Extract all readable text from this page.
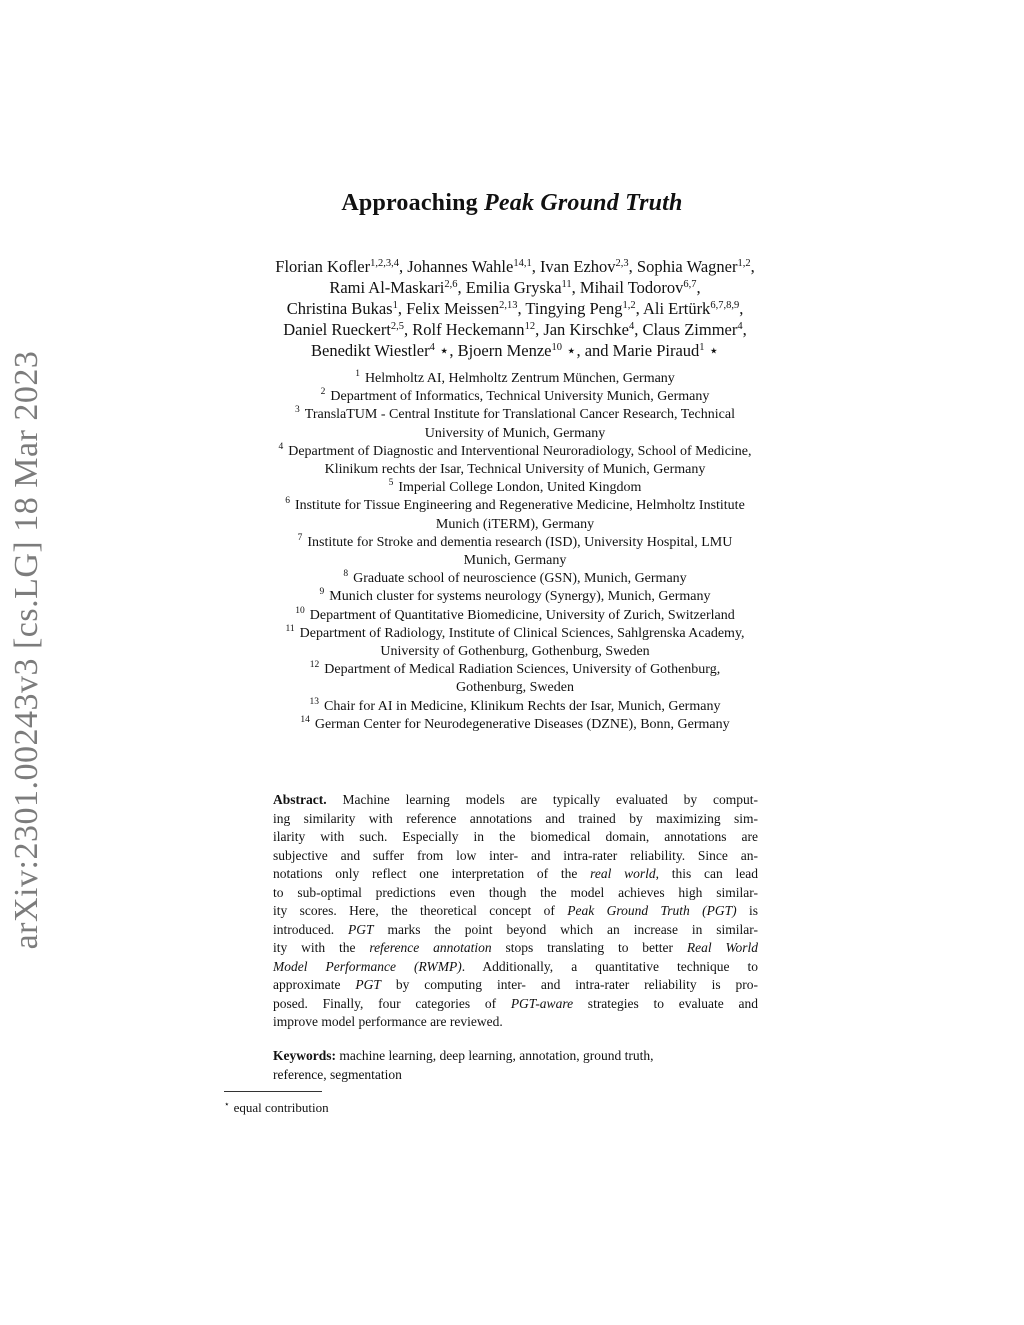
arXiv:2301.00243v3 [cs.LG] 18 Mar 2023
Approaching Peak Ground Truth
Florian Kofler$^{1,2,3,4}$, Johannes Wahle$^{14,1}$, Ivan Ezhov$^{2,3}$, Sophia Wagner$^{1,2}$,
Rami Al-Maskari$^{2,6}$, Emilia Gryska$^{11}$, Mihail Todorov$^{6,7}$,
Christina Bukas$^1$, Felix Meissen$^{2,13}$, Tingying Peng$^{1,2}$, Ali Ertürk$^{6,7,8,9}$,
Daniel Rueckert$^{2,5}$, Rolf Heckemann$^{12}$, Jan Kirschke$^4$, Claus Zimmer$^4$,
Benedikt Wiestler$^4$ ⋆, Bjoern Menze$^{10}$ ⋆, and Marie Piraud$^1$ ⋆
$^1$ Helmholtz AI, Helmholtz Zentrum München, Germany
$^2$ Department of Informatics, Technical University Munich, Germany
$^3$ TranslaTUM - Central Institute for Translational Cancer Research, Technical
University of Munich, Germany
$^4$ Department of Diagnostic and Interventional Neuroradiology, School of Medicine,
Klinikum rechts der Isar, Technical University of Munich, Germany
$^5$ Imperial College London, United Kingdom
$^6$ Institute for Tissue Engineering and Regenerative Medicine, Helmholtz Institute
Munich (iTERM), Germany
$^7$ Institute for Stroke and dementia research (ISD), University Hospital, LMU
Munich, Germany
$^8$ Graduate school of neuroscience (GSN), Munich, Germany
$^9$ Munich cluster for systems neurology (Synergy), Munich, Germany
$^{10}$ Department of Quantitative Biomedicine, University of Zurich, Switzerland
$^{11}$ Department of Radiology, Institute of Clinical Sciences, Sahlgrenska Academy,
University of Gothenburg, Gothenburg, Sweden
$^{12}$ Department of Medical Radiation Sciences, University of Gothenburg,
Gothenburg, Sweden
$^{13}$ Chair for AI in Medicine, Klinikum Rechts der Isar, Munich, Germany
$^{14}$ German Center for Neurodegenerative Diseases (DZNE), Bonn, Germany
Abstract. Machine learning models are typically evaluated by comput-
ing similarity with reference annotations and trained by maximizing sim-
ilarity with such. Especially in the biomedical domain, annotations are
subjective and suffer from low inter- and intra-rater reliability. Since an-
notations only reflect one interpretation of the real world, this can lead
to sub-optimal predictions even though the model achieves high similar-
ity scores. Here, the theoretical concept of Peak Ground Truth (PGT) is
introduced. PGT marks the point beyond which an increase in similar-
ity with the reference annotation stops translating to better Real World
Model Performance (RWMP). Additionally, a quantitative technique to
approximate PGT by computing inter- and intra-rater reliability is pro-
posed. Finally, four categories of PGT-aware strategies to evaluate and
improve model performance are reviewed.
Keywords: machine learning, deep learning, annotation, ground truth,
reference, segmentation
⋆ equal contribution
